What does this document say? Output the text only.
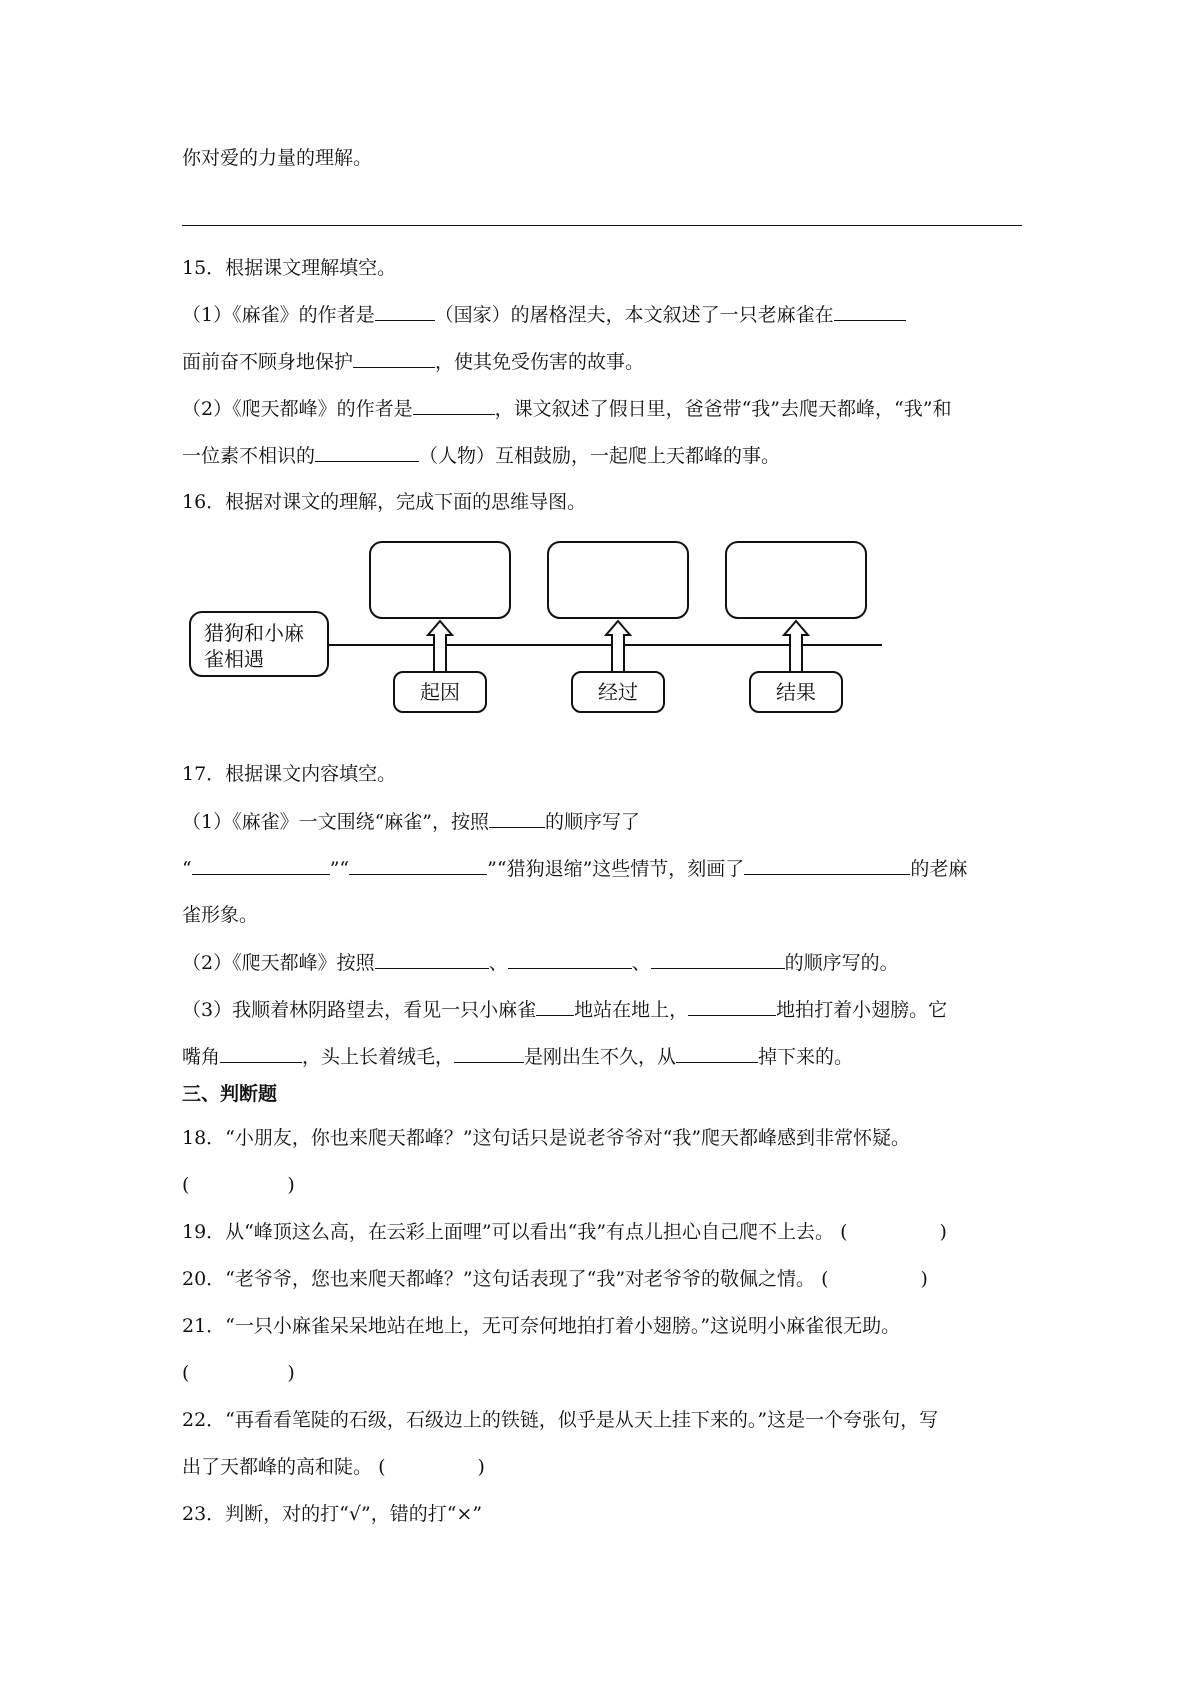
你对爱的力量的理解。
15．根据课文理解填空。
（1）《麻雀》的作者是	（国家）的屠格涅夫，本文叙述了一只老麻雀在
面前奋不顾身地保护	，使其免受伤害的故事。
（2）《爬天都峰》的作者是	，课文叙述了假日里，爸爸带“我”去爬天都峰，“我”和
一位素不相识的	（人物）互相鼓励，一起爬上天都峰的事。
16．根据对课文的理解，完成下面的思维导图。
猎狗和小麻
雀相遇
起因	经过	结果
17．根据课文内容填空。
（1）《麻雀》一文围绕“麻雀”，按照	的顺序写了
“	”“	”“猎狗退缩”这些情节，刻画了	的老麻
雀形象。
（2）《爬天都峰》按照	、	、	的顺序写的。
（3）我顺着林阴路望去，看见一只小麻雀 地站在地上，	地拍打着小翅膀。它
嘴角	，头上长着绒毛，	是刚出生不久，从	掉下来的。
三、判断题
18．“小朋友，你也来爬天都峰？”这句话只是说老爷爷对“我”爬天都峰感到非常怀疑。
(	)
19．从“峰顶这么高，在云彩上面哩”可以看出“我”有点儿担心自己爬不上去。 (	)
20．“老爷爷，您也来爬天都峰？”这句话表现了“我”对老爷爷的敬佩之情。 (	)
21．“一只小麻雀呆呆地站在地上，无可奈何地拍打着小翅膀。”这说明小麻雀很无助。
(	)
22．“再看看笔陡的石级，石级边上的铁链，似乎是从天上挂下来的。”这是一个夸张句，写
出了天都峰的高和陡。 (	)
23．判断，对的打“√”，错的打“×”
